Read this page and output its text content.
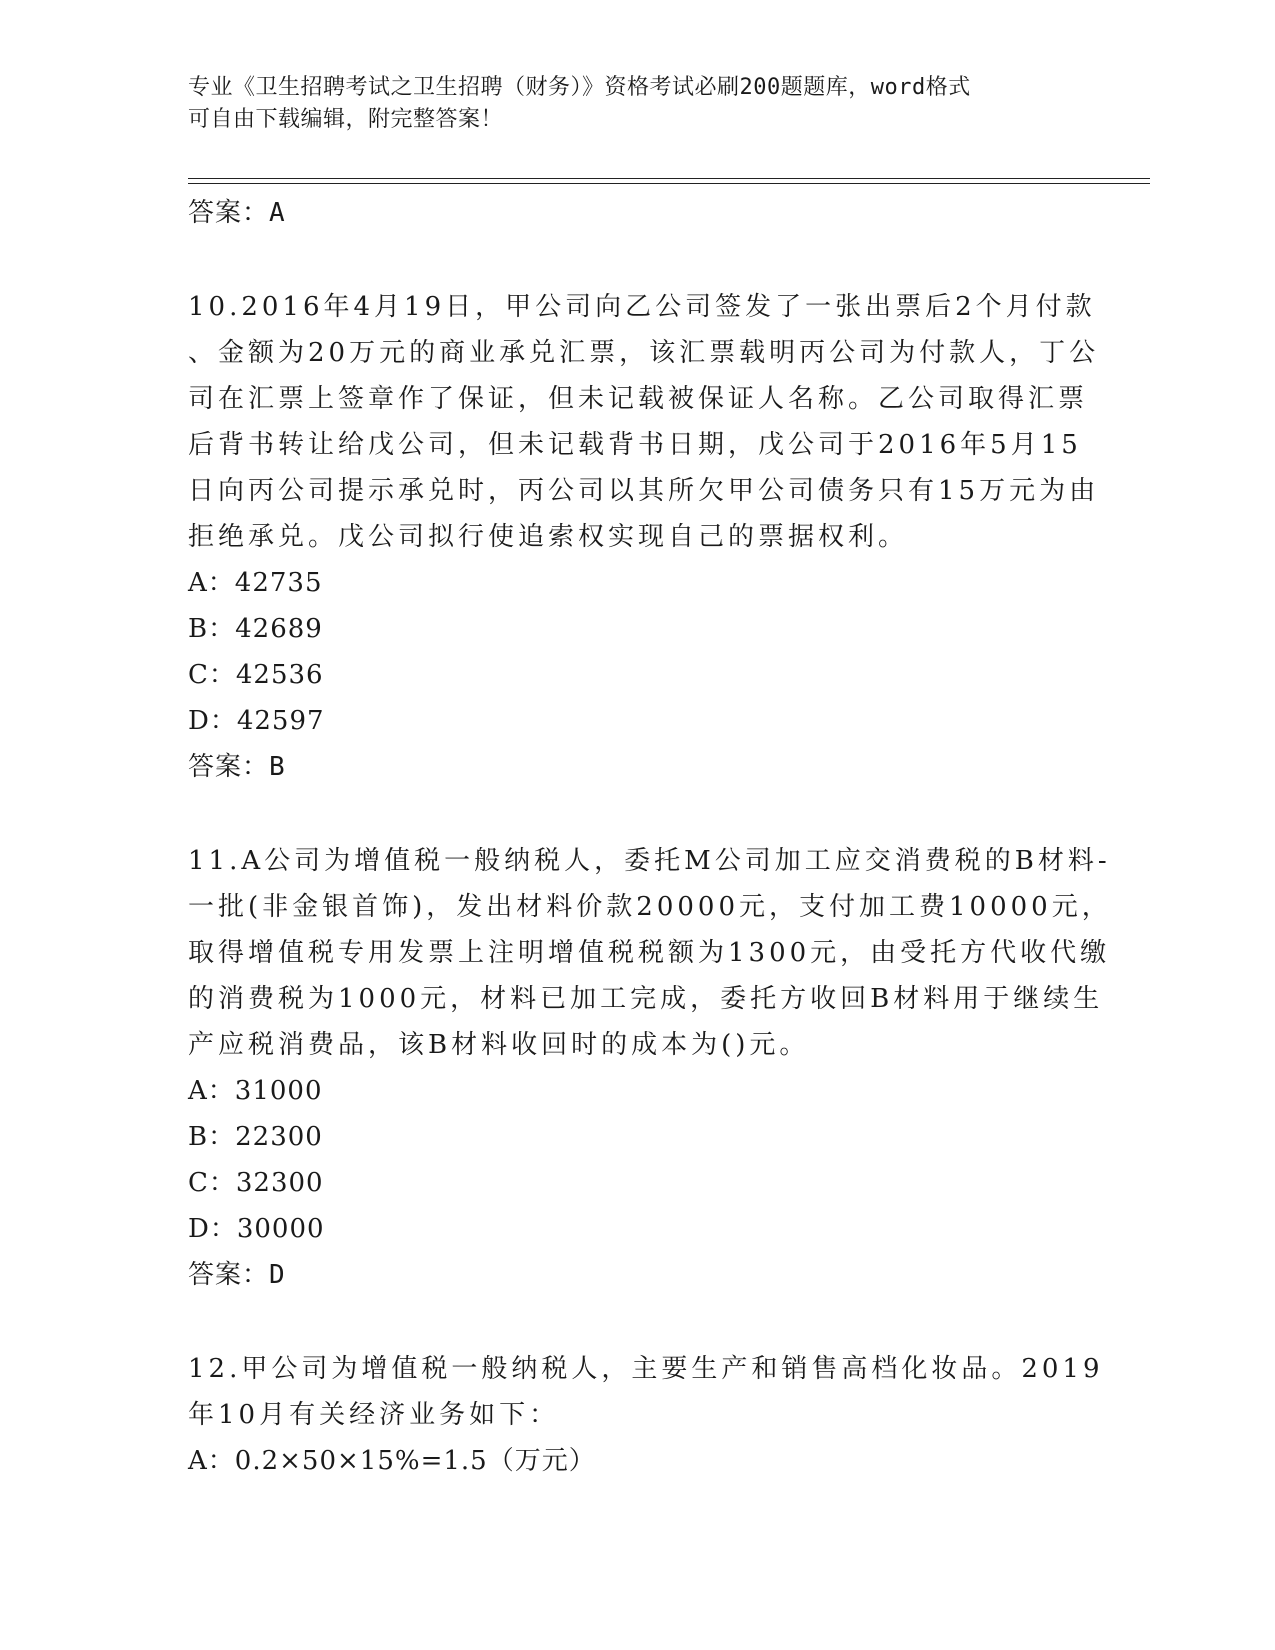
专业《卫生招聘考试之卫生招聘（财务）》资格考试必刷200题题库，word格式
可自由下载编辑，附完整答案！
答案：A
10.2016年4月19日，甲公司向乙公司签发了一张出票后2个月付款
、金额为20万元的商业承兑汇票，该汇票载明丙公司为付款人，丁公
司在汇票上签章作了保证，但未记载被保证人名称。乙公司取得汇票
后背书转让给戊公司，但未记载背书日期，戊公司于2016年5月15
日向丙公司提示承兑时，丙公司以其所欠甲公司债务只有15万元为由
拒绝承兑。戊公司拟行使追索权实现自己的票据权利。
A：42735
B：42689
C：42536
D：42597
答案：B
11.A公司为增值税一般纳税人，委托M公司加工应交消费税的B材料-
一批(非金银首饰)，发出材料价款20000元，支付加工费10000元，
取得增值税专用发票上注明增值税税额为1300元，由受托方代收代缴
的消费税为1000元，材料已加工完成，委托方收回B材料用于继续生
产应税消费品，该B材料收回时的成本为()元。
A：31000
B：22300
C：32300
D：30000
答案：D
12.甲公司为增值税一般纳税人，主要生产和销售高档化妆品。2019
年10月有关经济业务如下：
A：0.2×50×15%=1.5（万元）
